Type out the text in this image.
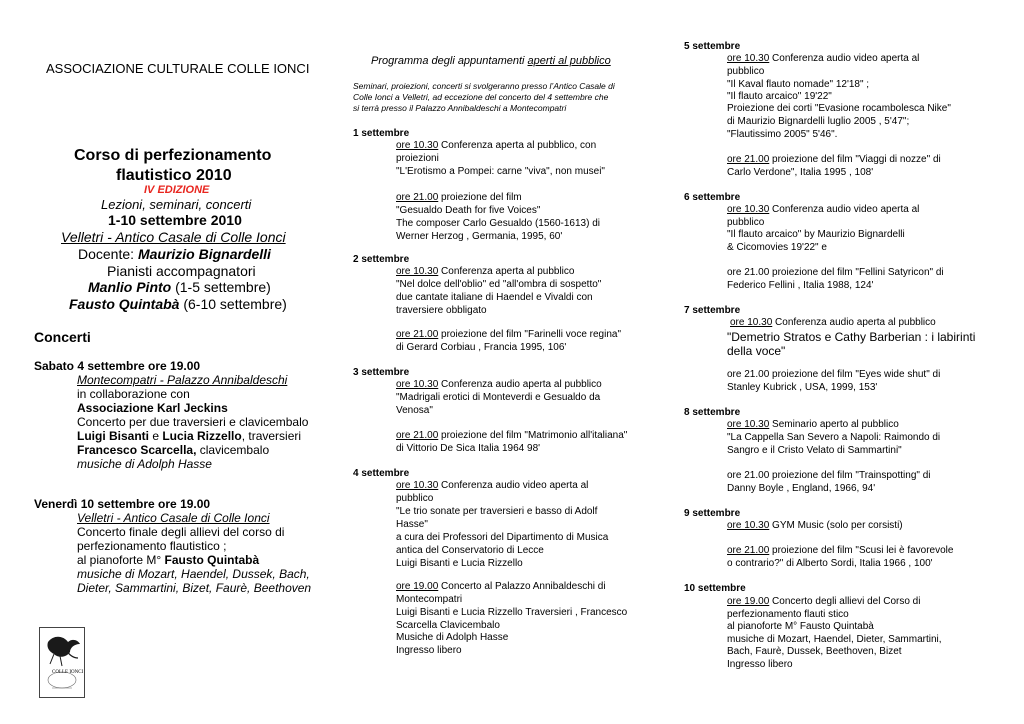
ASSOCIAZIONE CULTURALE COLLE IONCI
Corso di perfezionamento
flautistico 2010
IV EDIZIONE
Lezioni, seminari, concerti
1-10 settembre 2010
Velletri - Antico Casale di Colle Ionci
Docente: Maurizio Bignardelli
Pianisti accompagnatori
Manlio Pinto (1-5 settembre)
Fausto Quintabà (6-10 settembre)
Concerti
Sabato 4 settembre ore 19.00
Montecompatri - Palazzo Annibaldeschi
in collaborazione con
Associazione Karl Jeckins
Concerto per due traversieri e clavicembalo
Luigi Bisanti e Lucia Rizzello, traversieri
Francesco Scarcella, clavicembalo
musiche di Adolph Hasse
Venerdì 10 settembre ore 19.00
Velletri - Antico Casale di Colle Ionci
Concerto finale degli allievi del corso di
perfezionamento flautistico ;
al pianoforte M° Fausto Quintabà
musiche di Mozart, Haendel, Dussek, Bach,
Dieter, Sammartini, Bizet, Faurè, Beethoven
COLLE IONCI
Programma degli appuntamenti aperti al pubblico
Seminari, proiezioni, concerti si svolgeranno presso l’Antico Casale di
Colle Ionci a Velletri, ad eccezione del concerto del 4 settembre che
si terrà presso il Palazzo Annibaldeschi a Montecompatri
1 settembre
ore 10.30 Conferenza aperta al pubblico, con
proiezioni
"L'Erotismo a Pompei: carne "viva", non musei"
ore 21.00 proiezione del film
"Gesualdo Death for five Voices"
The composer Carlo Gesualdo (1560-1613) di
Werner Herzog , Germania, 1995, 60'
2 settembre
ore 10.30 Conferenza aperta al pubblico
"Nel dolce dell'oblio" ed "all'ombra di sospetto"
due cantate italiane di Haendel e Vivaldi con
traversiere obbligato
ore 21.00 proiezione del film "Farinelli voce regina"
di Gerard Corbiau , Francia 1995, 106'
3 settembre
ore 10.30 Conferenza audio aperta al pubblico
"Madrigali erotici di Monteverdi e Gesualdo da
Venosa"
ore 21.00 proiezione del film "Matrimonio all'italiana"
di Vittorio De Sica Italia 1964 98'
4 settembre
ore 10.30 Conferenza audio video aperta al
pubblico
"Le trio sonate per traversieri e basso di Adolf
Hasse"
a cura dei Professori del Dipartimento di Musica
antica del Conservatorio di Lecce
Luigi Bisanti e Lucia Rizzello
ore 19.00 Concerto al Palazzo Annibaldeschi di
Montecompatri
Luigi Bisanti e Lucia Rizzello Traversieri , Francesco
Scarcella Clavicembalo
Musiche di Adolph Hasse
Ingresso libero
5 settembre
ore 10.30 Conferenza audio video aperta al
pubblico
"Il Kaval flauto nomade" 12'18" ;
"Il flauto arcaico" 19'22"
Proiezione dei corti "Evasione rocambolesca Nike"
di Maurizio Bignardelli luglio 2005 , 5'47";
"Flautissimo 2005" 5'46".
ore 21.00 proiezione del film "Viaggi di nozze" di
Carlo Verdone", Italia 1995 , 108'
6 settembre
ore 10.30 Conferenza audio video aperta al
pubblico
"Il flauto arcaico" by Maurizio Bignardelli
& Cicomovies 19'22" e
ore 21.00 proiezione del film "Fellini Satyricon" di
Federico Fellini , Italia 1988, 124'
7 settembre
ore 10.30 Conferenza audio aperta al pubblico
"Demetrio Stratos e Cathy Barberian : i labirinti
della voce"
ore 21.00 proiezione del film "Eyes wide shut" di
Stanley Kubrick , USA, 1999, 153'
8 settembre
ore 10.30 Seminario aperto al pubblico
"La Cappella San Severo a Napoli: Raimondo di
Sangro e il Cristo Velato di Sammartini"
ore 21.00 proiezione del film "Trainspotting" di
Danny Boyle , England, 1966, 94'
9 settembre
ore 10.30 GYM Music (solo per corsisti)
ore 21.00 proiezione del film "Scusi lei è favorevole
o contrario?" di Alberto Sordi, Italia 1966 , 100'
10 settembre
ore 19.00 Concerto degli allievi del Corso di
perfezionamento flauti stico
al pianoforte M° Fausto Quintabà
musiche di Mozart, Haendel, Dieter, Sammartini,
Bach, Faurè, Dussek, Beethoven, Bizet
Ingresso libero
